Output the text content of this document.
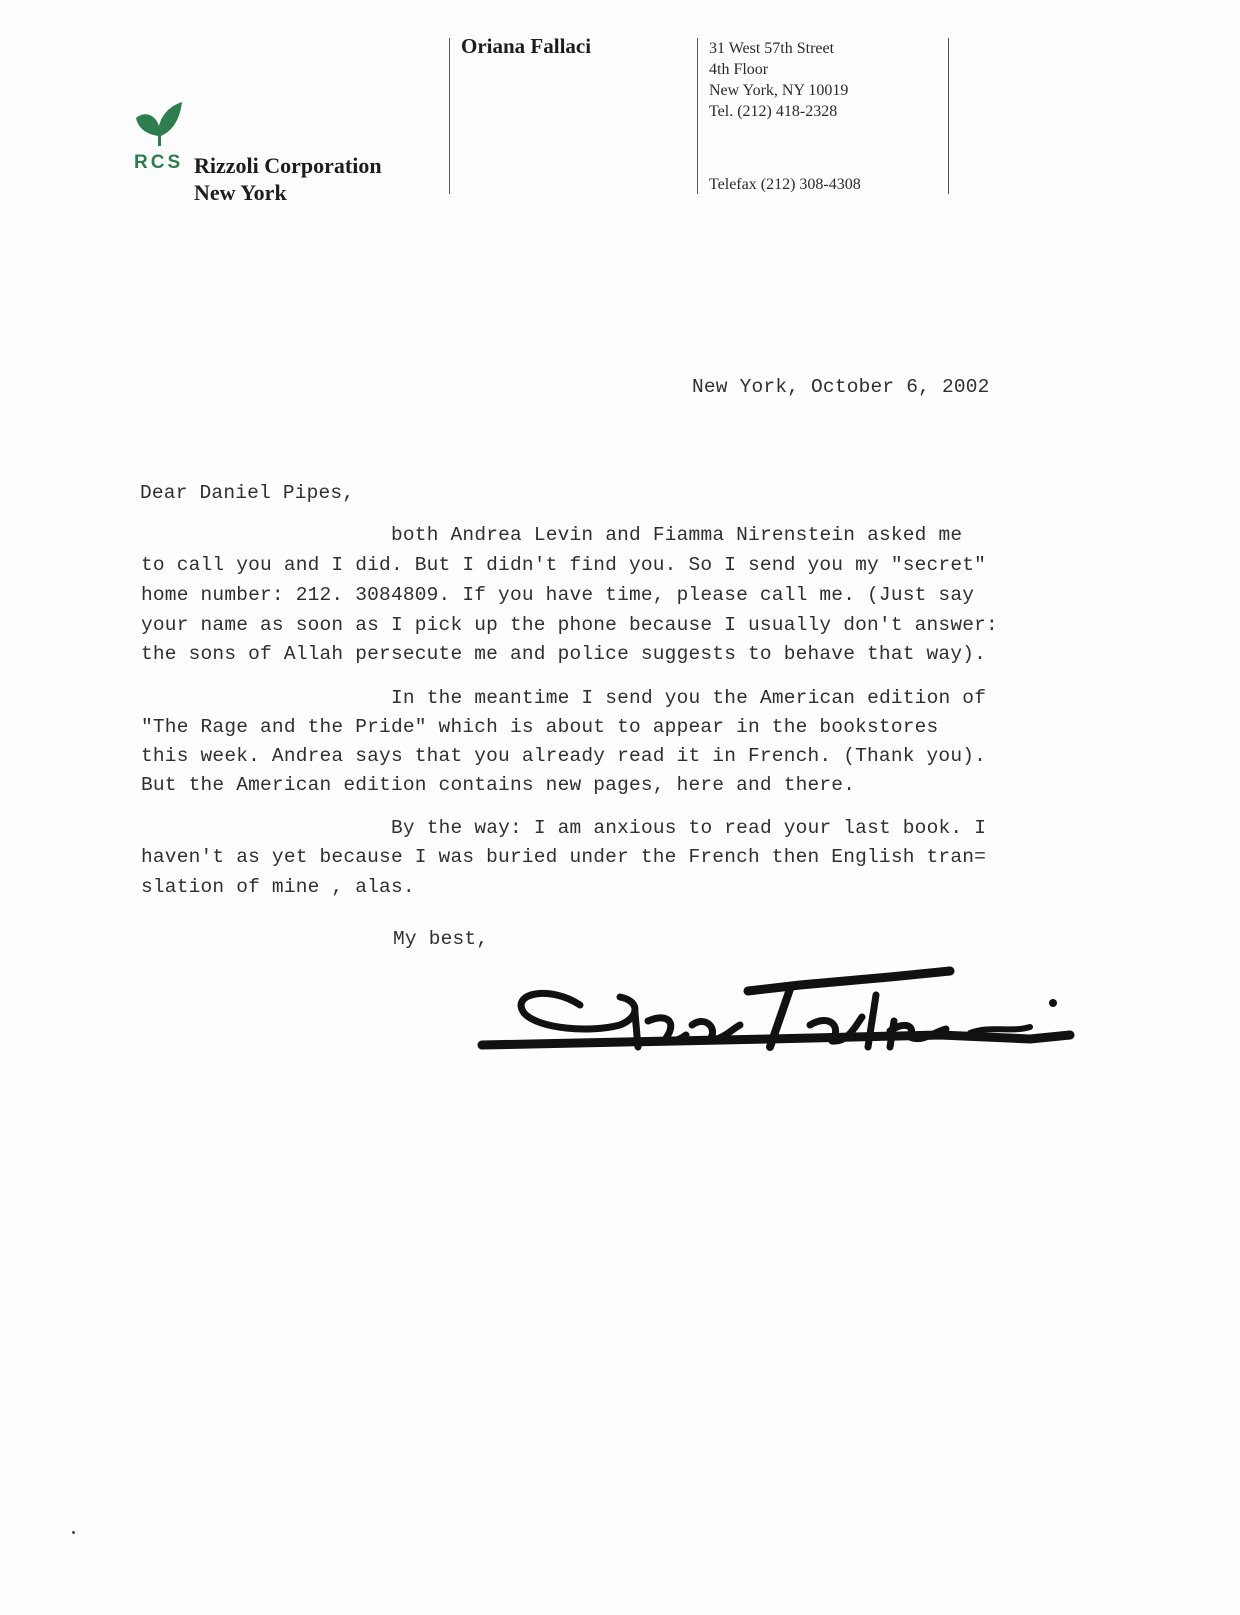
RCS Rizzoli Corporation
New York
Oriana Fallaci	31 West 57th Street
4th Floor
New York, NY 10019
Tel. (212) 418-2328
Telefax (212) 308-4308
New York, October 6, 2002
Dear Daniel Pipes,
both Andrea Levin and Fiamma Nirenstein asked me
to call you and I did. But I didn't find you. So I send you my "secret"
home number: 212. 3084809. If you have time, please call me. (Just say
your name as soon as I pick up the phone because I usually don't answer:
the sons of Allah persecute me and police suggests to behave that way).
In the meantime I send you the American edition of
"The Rage and the Pride" which is about to appear in the bookstores
this week. Andrea says that you already read it in French. (Thank you).
But the American edition contains new pages, here and there.
By the way: I am anxious to read your last book. I
haven't as yet because I was buried under the French then English tran=
slation of mine , alas.
My best,
